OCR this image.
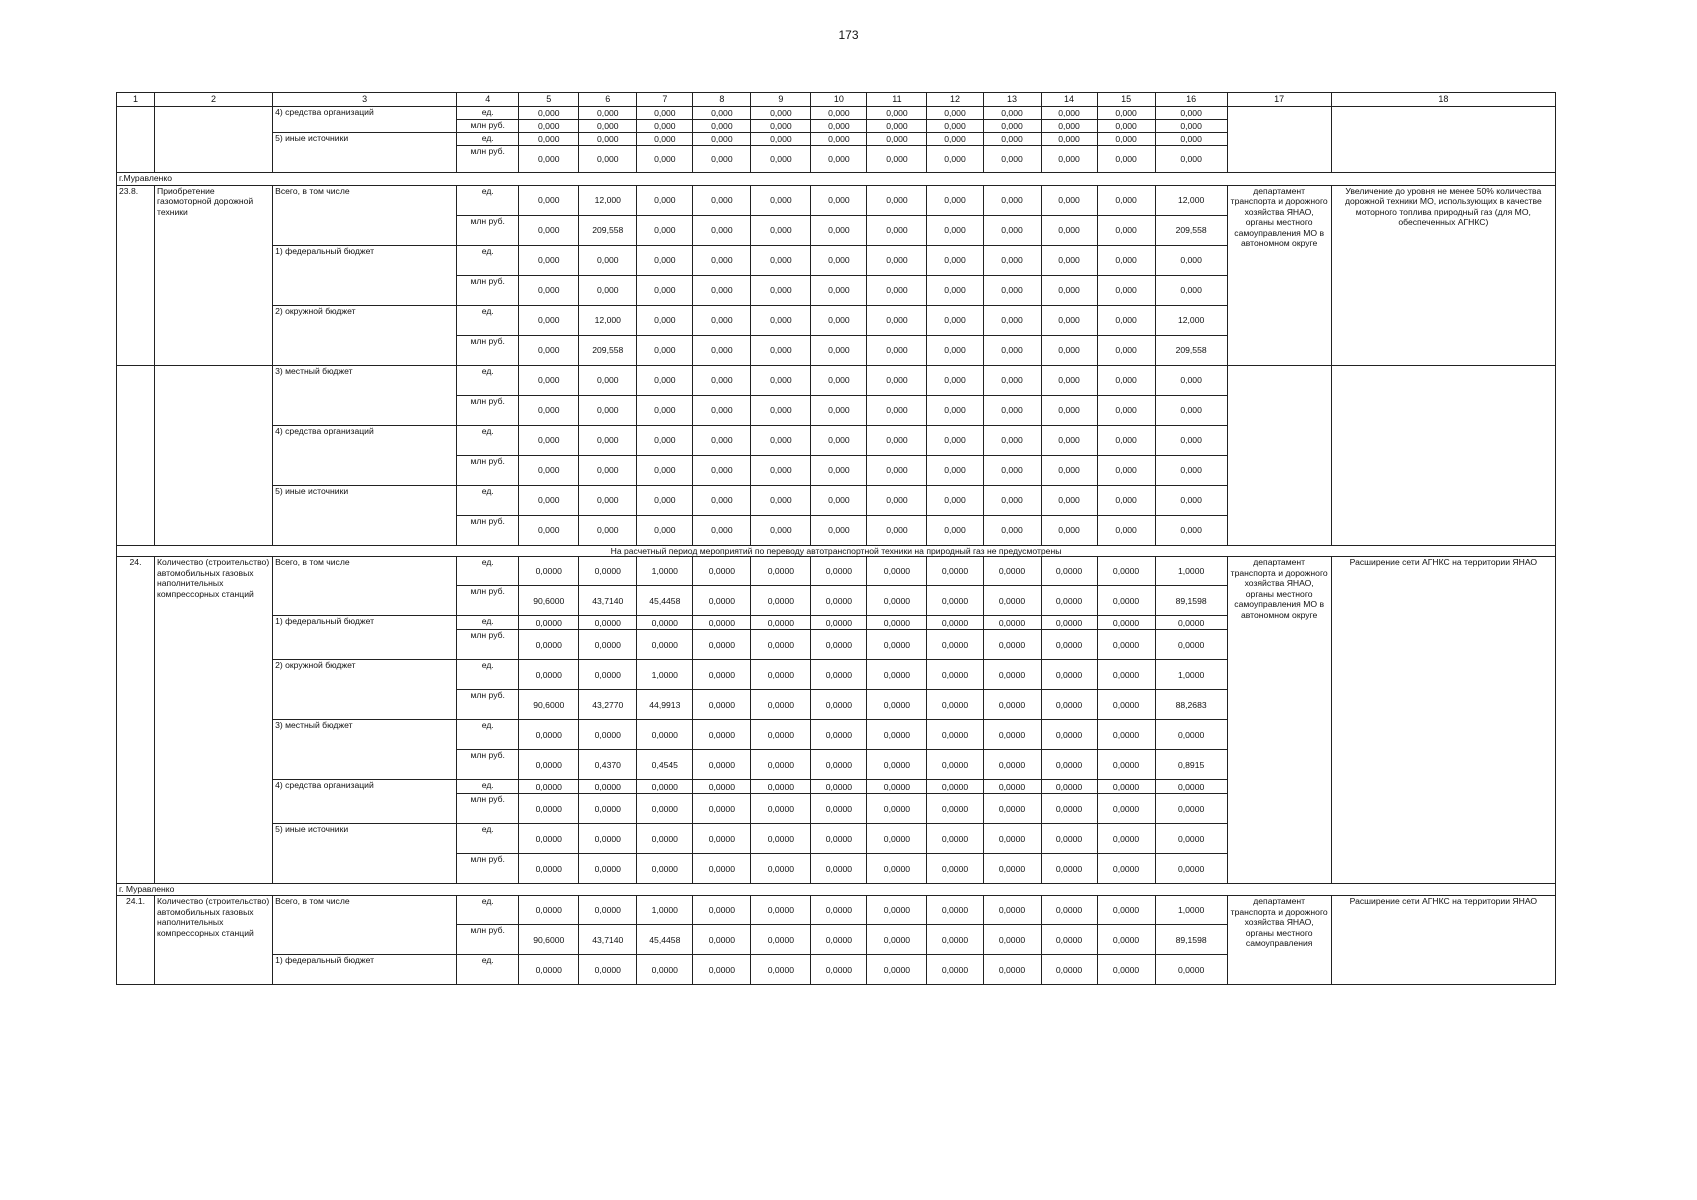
173
1	2	3	4	5	6	7	8	9	10	11	12	13	14	15	16	17	18
		4) средства организаций	ед.	0,000	0,000	0,000	0,000	0,000	0,000	0,000	0,000	0,000	0,000	0,000	0,000		
			млн руб.	0,000	0,000	0,000	0,000	0,000	0,000	0,000	0,000	0,000	0,000	0,000	0,000		
		5) иные источники	ед.	0,000	0,000	0,000	0,000	0,000	0,000	0,000	0,000	0,000	0,000	0,000	0,000		
			млн руб.	0,000	0,000	0,000	0,000	0,000	0,000	0,000	0,000	0,000	0,000	0,000	0,000		
г.Муравленко																	
23.8.	Приобретение газомоторной дорожной техники	Всего, в том числе	ед.	0,000	12,000	0,000	0,000	0,000	0,000	0,000	0,000	0,000	0,000	0,000	12,000	департамент транспорта и дорожного хозяйства ЯНАО, органы местного самоуправления МО в автономном округе	Увеличение до уровня не менее 50% количества дорожной техники МО, использующих в качестве моторного топлива природный газ (для МО, обеспеченных АГНКС)
			млн руб.	0,000	209,558	0,000	0,000	0,000	0,000	0,000	0,000	0,000	0,000	0,000	209,558		
		1) федеральный бюджет	ед.	0,000	0,000	0,000	0,000	0,000	0,000	0,000	0,000	0,000	0,000	0,000	0,000		
			млн руб.	0,000	0,000	0,000	0,000	0,000	0,000	0,000	0,000	0,000	0,000	0,000	0,000		
		2) окружной бюджет	ед.	0,000	12,000	0,000	0,000	0,000	0,000	0,000	0,000	0,000	0,000	0,000	12,000		
			млн руб.	0,000	209,558	0,000	0,000	0,000	0,000	0,000	0,000	0,000	0,000	0,000	209,558		
		3) местный бюджет	ед.	0,000	0,000	0,000	0,000	0,000	0,000	0,000	0,000	0,000	0,000	0,000	0,000		
			млн руб.	0,000	0,000	0,000	0,000	0,000	0,000	0,000	0,000	0,000	0,000	0,000	0,000		
		4) средства организаций	ед.	0,000	0,000	0,000	0,000	0,000	0,000	0,000	0,000	0,000	0,000	0,000	0,000		
			млн руб.	0,000	0,000	0,000	0,000	0,000	0,000	0,000	0,000	0,000	0,000	0,000	0,000		
		5) иные источники	ед.	0,000	0,000	0,000	0,000	0,000	0,000	0,000	0,000	0,000	0,000	0,000	0,000		
			млн руб.	0,000	0,000	0,000	0,000	0,000	0,000	0,000	0,000	0,000	0,000	0,000	0,000		
На расчетный период мероприятий по переводу автотранспортной техники на природный газ не предусмотрены																	
24.	Количество (строительство) автомобильных газовых наполнительных компрессорных станций	Всего, в том числе	ед.	0,0000	0,0000	1,0000	0,0000	0,0000	0,0000	0,0000	0,0000	0,0000	0,0000	0,0000	1,0000	департамент транспорта и дорожного хозяйства ЯНАО, органы местного самоуправления МО в автономном округе	Расширение сети АГНКС на территории ЯНАО
			млн руб.	90,6000	43,7140	45,4458	0,0000	0,0000	0,0000	0,0000	0,0000	0,0000	0,0000	0,0000	89,1598		
		1) федеральный бюджет	ед.	0,0000	0,0000	0,0000	0,0000	0,0000	0,0000	0,0000	0,0000	0,0000	0,0000	0,0000	0,0000		
			млн руб.	0,0000	0,0000	0,0000	0,0000	0,0000	0,0000	0,0000	0,0000	0,0000	0,0000	0,0000	0,0000		
		2) окружной бюджет	ед.	0,0000	0,0000	1,0000	0,0000	0,0000	0,0000	0,0000	0,0000	0,0000	0,0000	0,0000	1,0000		
			млн руб.	90,6000	43,2770	44,9913	0,0000	0,0000	0,0000	0,0000	0,0000	0,0000	0,0000	0,0000	88,2683		
		3) местный бюджет	ед.	0,0000	0,0000	0,0000	0,0000	0,0000	0,0000	0,0000	0,0000	0,0000	0,0000	0,0000	0,0000		
			млн руб.	0,0000	0,4370	0,4545	0,0000	0,0000	0,0000	0,0000	0,0000	0,0000	0,0000	0,0000	0,8915		
		4) средства организаций	ед.	0,0000	0,0000	0,0000	0,0000	0,0000	0,0000	0,0000	0,0000	0,0000	0,0000	0,0000	0,0000		
			млн руб.	0,0000	0,0000	0,0000	0,0000	0,0000	0,0000	0,0000	0,0000	0,0000	0,0000	0,0000	0,0000		
		5) иные источники	ед.	0,0000	0,0000	0,0000	0,0000	0,0000	0,0000	0,0000	0,0000	0,0000	0,0000	0,0000	0,0000		
			млн руб.	0,0000	0,0000	0,0000	0,0000	0,0000	0,0000	0,0000	0,0000	0,0000	0,0000	0,0000	0,0000		
г. Муравленко																	
24.1.	Количество (строительство) автомобильных газовых наполнительных компрессорных станций	Всего, в том числе	ед.	0,0000	0,0000	1,0000	0,0000	0,0000	0,0000	0,0000	0,0000	0,0000	0,0000	0,0000	1,0000	департамент транспорта и дорожного хозяйства ЯНАО, органы местного самоуправления	Расширение сети АГНКС на территории ЯНАО
			млн руб.	90,6000	43,7140	45,4458	0,0000	0,0000	0,0000	0,0000	0,0000	0,0000	0,0000	0,0000	89,1598		
		1) федеральный бюджет	ед.	0,0000	0,0000	0,0000	0,0000	0,0000	0,0000	0,0000	0,0000	0,0000	0,0000	0,0000	0,0000		
